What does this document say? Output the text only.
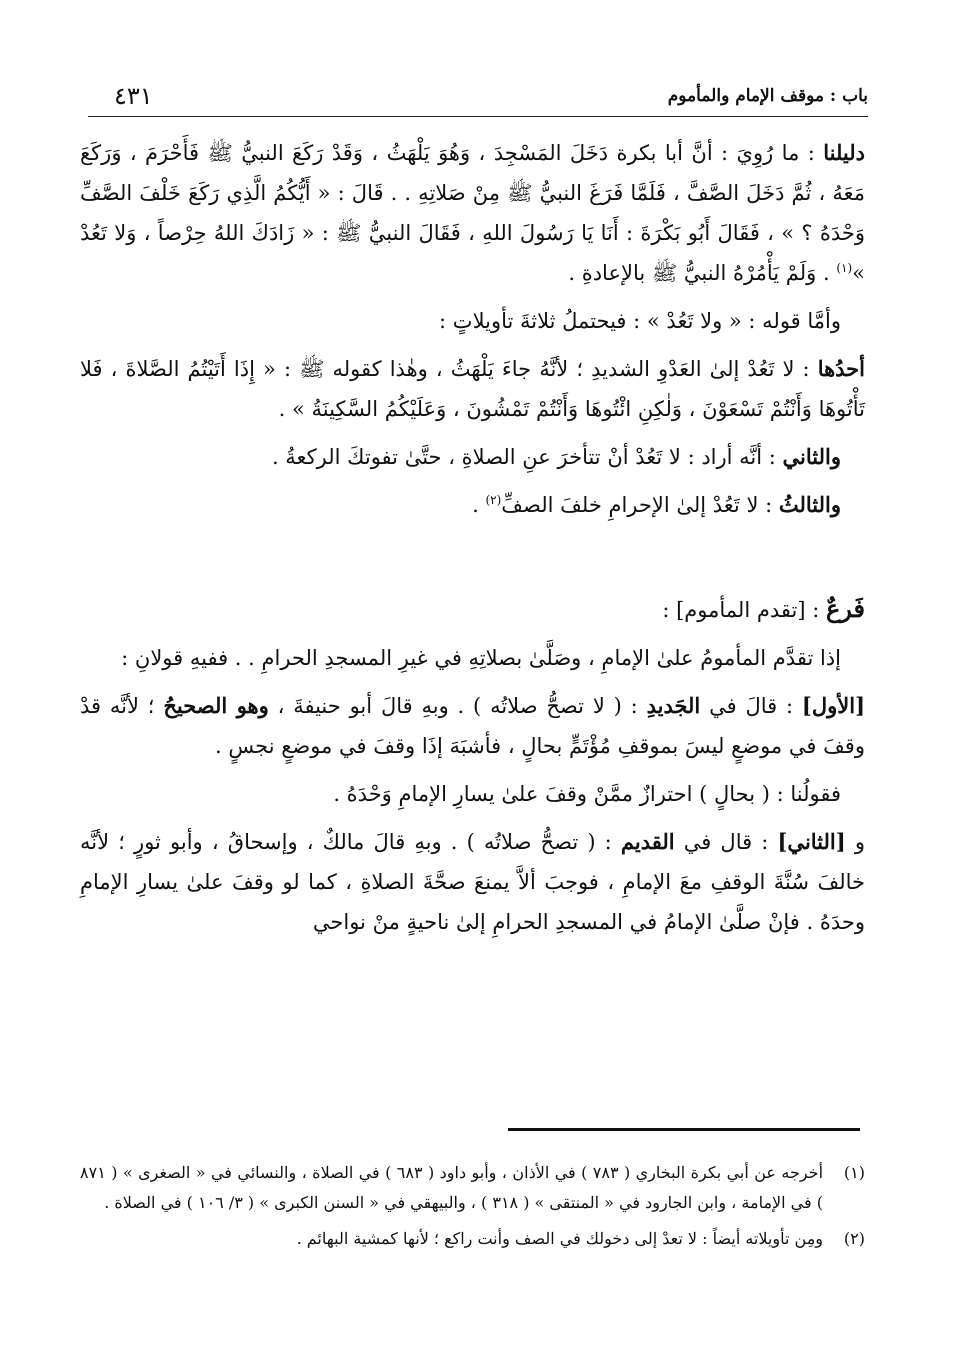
باب : موقف الإمام والمأموم
٤٣١

دليلنا : ما رُوِيَ : أنَّ أبا بكرة دَخَلَ المَسْجِدَ ، وَهُوَ يَلْهَثُ ، وَقَدْ رَكَعَ النبيُّ ﷺ فَأَحْرَمَ ، وَرَكَعَ مَعَهُ ، ثُمَّ دَخَلَ الصَّفَّ ، فَلَمَّا فَرَغَ النبيُّ ﷺ مِنْ صَلاتِهِ . . قَالَ : « أَيُّكُمُ الَّذِي رَكَعَ خَلْفَ الصَّفِّ وَحْدَهُ ؟ » ، فَقَالَ أَبُو بَكْرَةَ : أَنَا يَا رَسُولَ اللهِ ، فَقَالَ النبيُّ ﷺ : « زَادَكَ اللهُ حِرْصاً ، وَلا تَعُدْ »$^{(١)}$ . وَلَمْ يَأْمُرْهُ النبيُّ ﷺ بالإعادةِ .

وأمَّا قوله : « ولا تَعُدْ » : فيحتملُ ثلاثةَ تأويلاتٍ :

أحدُها : لا تَعُدْ إلىٰ العَدْوِ الشديدِ ؛ لأنَّهُ جاءَ يَلْهَثُ ، وهٰذا كقوله ﷺ : « إِذَا أَتَيْتُمُ الصَّلاةَ ، فَلا تَأْتُوهَا وَأَنْتُمْ تَسْعَوْنَ ، وَلٰكِنِ ائْتُوهَا وَأَنْتُمْ تَمْشُونَ ، وَعَلَيْكُمُ السَّكِينَةُ » .

والثاني : أنَّه أراد : لا تَعُدْ أنْ تتأخرَ عنِ الصلاةِ ، حتَّىٰ تفوتكَ الركعةُ .

والثالثُ : لا تَعُدْ إلىٰ الإحرامِ خلفَ الصفِّ$^{(٢)}$ .

فَرعٌ : [تقدم المأموم] :

إذا تقدَّم المأمومُ علىٰ الإمامِ ، وصَلَّىٰ بصلاتِهِ في غيرِ المسجدِ الحرامِ . . ففيهِ قولانِ :

[الأول] : قالَ في الجَديدِ : ( لا تصحُّ صلاتُه ) . وبهِ قالَ أبو حنيفةَ ، وهو الصحيحُ ؛ لأنَّه قدْ وقفَ في موضعٍ ليسَ بموقفِ مُؤْتَمٍّ بحالٍ ، فأشبَهَ إذَا وقفَ في موضعٍ نجسٍ .

فقولُنا : ( بحالٍ ) احترازٌ ممَّنْ وقفَ علىٰ يسارِ الإمامِ وَحْدَهُ .

و [الثاني] : قال في القديم : ( تصحُّ صلاتُه ) . وبهِ قالَ مالكٌ ، وإسحاقُ ، وأبو ثورٍ ؛ لأنَّه خالفَ سُنَّةَ الوقفِ معَ الإمامِ ، فوجبَ ألاَّ يمنعَ صحَّةَ الصلاةِ ، كما لو وقفَ علىٰ يسارِ الإمامِ وحدَهُ . فإنْ صلَّىٰ الإمامُ في المسجدِ الحرامِ إلىٰ ناحيةٍ منْ نواحي

(١)
أخرجه عن أبي بكرة البخاري ( ٧٨٣ ) في الأذان ، وأبو داود ( ٦٨٣ ) في الصلاة ، والنسائي في « الصغرى » ( ٨٧١ ) في الإمامة ، وابن الجارود في « المنتقى » ( ٣١٨ ) ، والبيهقي في « السنن الكبرى » ( ٣/ ١٠٦ ) في الصلاة .
(٢)
ومِن تأويلاته أيضاً : لا تعدْ إلى دخولك في الصف وأنت راكع ؛ لأنها كمشية البهائم .
